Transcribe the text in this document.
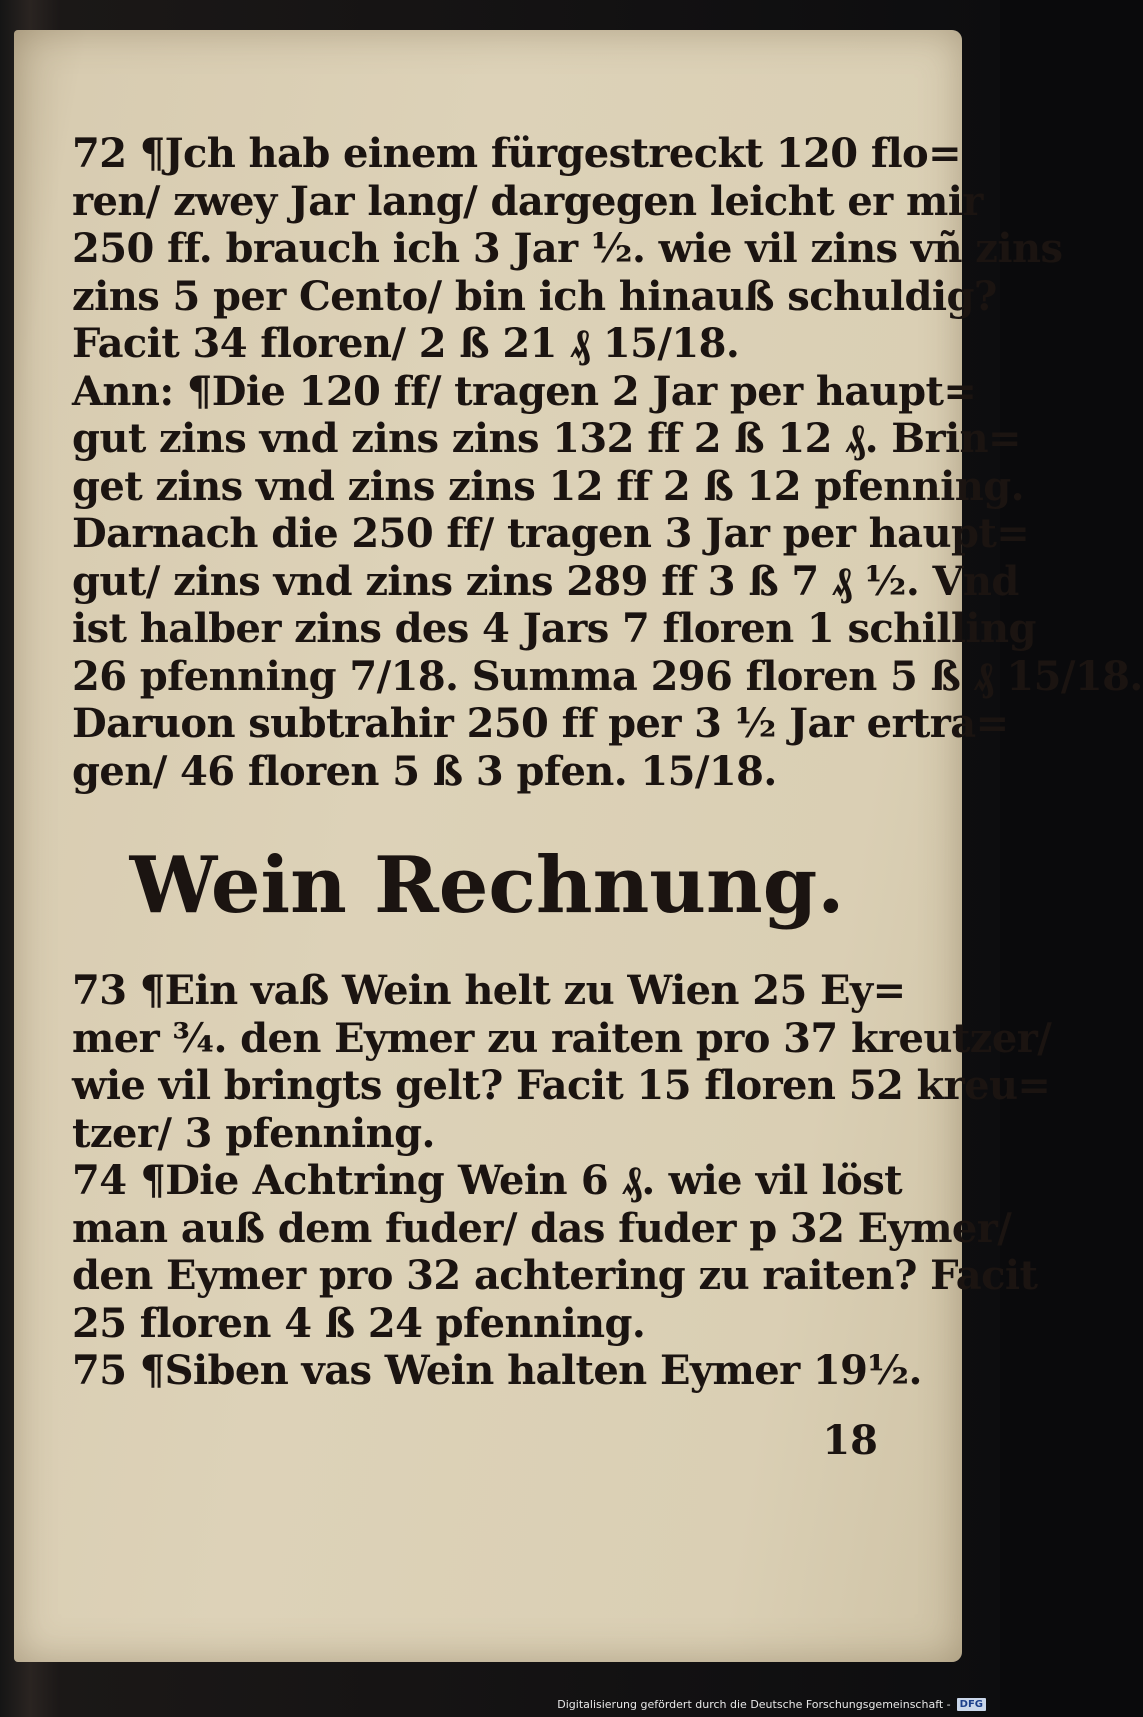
72 ¶Jch hab einem fürgestreckt 120 flo=
ren/ zwey Jar lang/ dargegen leicht er mir
250 ff. brauch ich 3 Jar ½. wie vil zins vñ zins
zins 5 per Cento/ bin ich hinauß schuldig?
Facit 34 floren/ 2 ß 21 ₰ 15/18.
Ann: ¶Die 120 ff/ tragen 2 Jar per haupt=
gut zins vnd zins zins 132 ff 2 ß 12 ₰. Brin=
get zins vnd zins zins 12 ff 2 ß 12 pfenning.
Darnach die 250 ff/ tragen 3 Jar per haupt=
gut/ zins vnd zins zins 289 ff 3 ß 7 ₰ ½. Vnd
ist halber zins des 4 Jars 7 floren 1 schilling
26 pfenning 7/18. Summa 296 floren 5 ß ₰ 15/18.
Daruon subtrahir 250 ff per 3 ½ Jar ertra=
gen/ 46 floren 5 ß 3 pfen. 15/18.
Wein Rechnung.
73 ¶Ein vaß Wein helt zu Wien 25 Ey=
mer ¾. den Eymer zu raiten pro 37 kreutzer/
wie vil bringts gelt? Facit 15 floren 52 kreu=
tzer/ 3 pfenning.
74 ¶Die Achtring Wein 6 ₰. wie vil löst
man auß dem fuder/ das fuder p 32 Eymer/
den Eymer pro 32 achtering zu raiten? Facit
25 floren 4 ß 24 pfenning.
75 ¶Siben vas Wein halten Eymer 19½.
18
Digitalisierung gefördert durch die Deutsche Forschungsgemeinschaft - DFG
